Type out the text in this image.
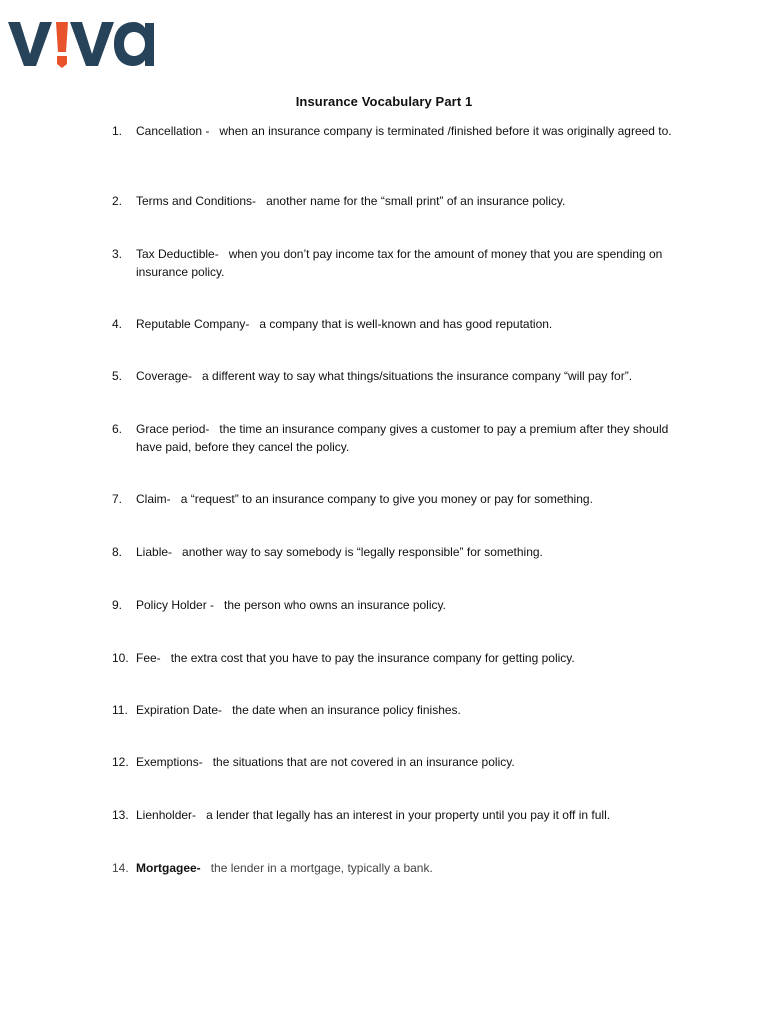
Insurance Vocabulary Part 1
1.	Cancellation - when an insurance company is terminated /finished before it was originally agreed to.
2.	Terms and Conditions- another name for the “small print” of an insurance policy.
3.	Tax Deductible- when you don’t pay income tax for the amount of money that you are spending on insurance policy.
4.	Reputable Company- a company that is well-known and has good reputation.
5.	Coverage- a different way to say what things/situations the insurance company “will pay for”.
6.	Grace period- the time an insurance company gives a customer to pay a premium after they should have paid, before they cancel the policy.
7.	Claim- a “request” to an insurance company to give you money or pay for something.
8.	Liable- another way to say somebody is “legally responsible” for something.
9.	Policy Holder - the person who owns an insurance policy.
10. Fee- the extra cost that you have to pay the insurance company for getting policy.
11. Expiration Date- the date when an insurance policy finishes.
12. Exemptions- the situations that are not covered in an insurance policy.
13. Lienholder- a lender that legally has an interest in your property until you pay it off in full.
14. Mortgagee- the lender in a mortgage, typically a bank.
